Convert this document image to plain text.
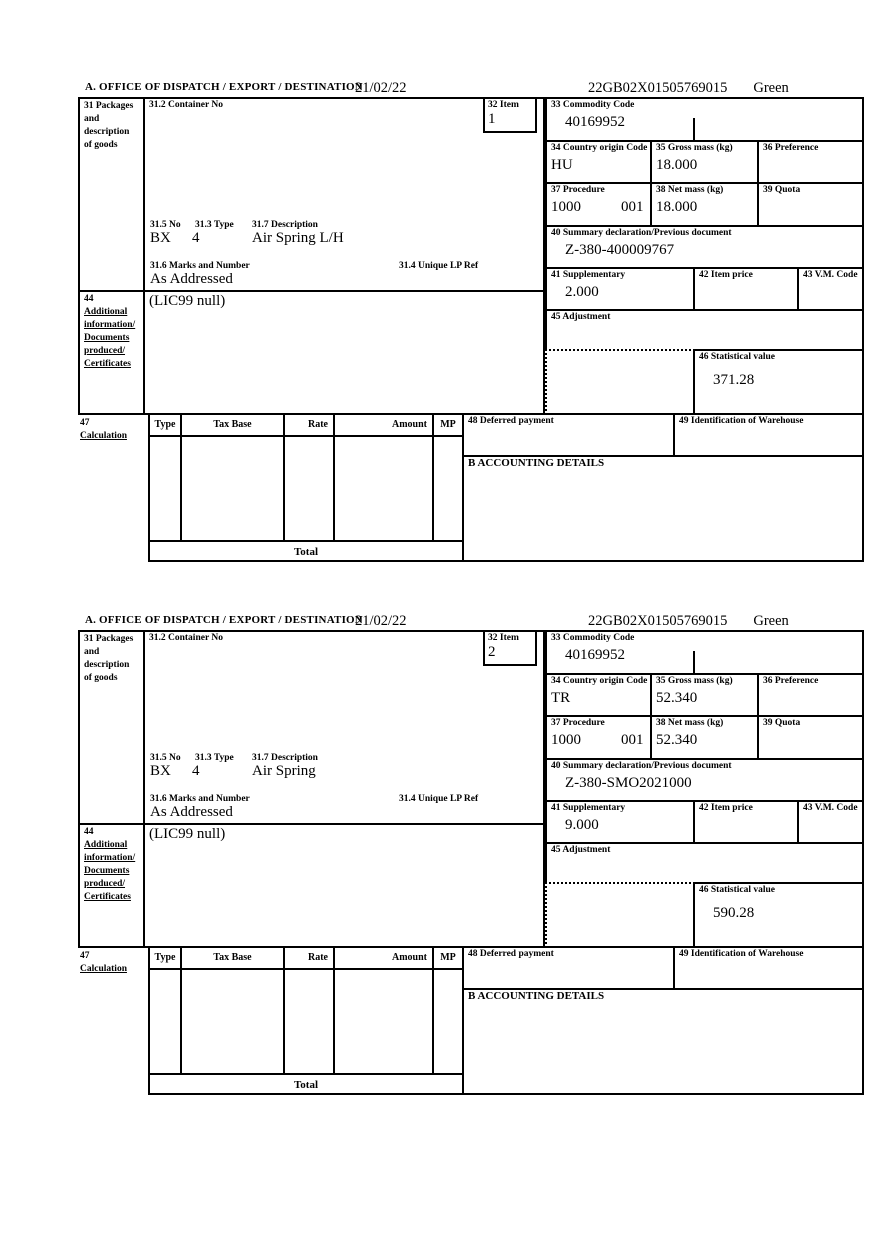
A. OFFICE OF DISPATCH / EXPORT / DESTINATION
21/02/22	22GB02X01505769015 Green
31 Packages
and
description
of goods
31.2 Container No
31.5 No 31.3 Type 31.7 Description
BX 4	Air Spring L/H
31.6 Marks and Number	31.4 Unique LP Ref
As Addressed
32 Item
1
33 Commodity Code
40169952
34 Country origin Code
HU
35 Gross mass (kg)
18.000
36 Preference
37 Procedure
1000	001
38 Net mass (kg)
18.000
39 Quota
40 Summary declaration/Previous document
Z-380-400009767
41 Supplementary
2.000
42 Item price	43 V.M. Code
45 Adjustment
46 Statistical value
371.28
44
Additional
information/
Documents
produced/
Certificates
(LIC99 null)
47
Calculation
Type	Tax Base	Rate	Amount	MP
Total
48 Deferred payment	49 Identification of Warehouse
B ACCOUNTING DETAILS
A. OFFICE OF DISPATCH / EXPORT / DESTINATION
21/02/22	22GB02X01505769015 Green
31 Packages
and
description
of goods
31.2 Container No
31.5 No 31.3 Type 31.7 Description
BX 4	Air Spring
31.6 Marks and Number	31.4 Unique LP Ref
As Addressed
32 Item
2
33 Commodity Code
40169952
34 Country origin Code
TR
35 Gross mass (kg)
52.340
36 Preference
37 Procedure
1000	001
38 Net mass (kg)
52.340
39 Quota
40 Summary declaration/Previous document
Z-380-SMO2021000
41 Supplementary
9.000
42 Item price	43 V.M. Code
45 Adjustment
46 Statistical value
590.28
44
Additional
information/
Documents
produced/
Certificates
(LIC99 null)
47
Calculation
Type	Tax Base	Rate	Amount	MP
Total
48 Deferred payment	49 Identification of Warehouse
B ACCOUNTING DETAILS
